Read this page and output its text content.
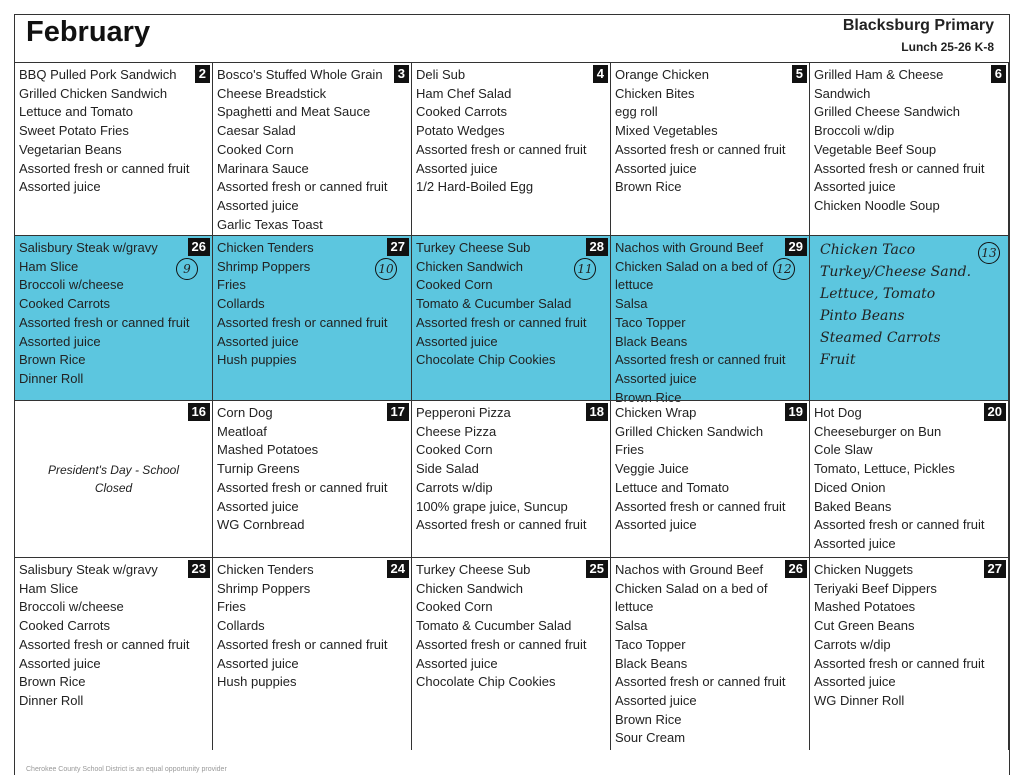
February	Blacksburg Primary
Lunch 25-26 K-8
2
BBQ Pulled Pork Sandwich
Grilled Chicken Sandwich
Lettuce and Tomato
Sweet Potato Fries
Vegetarian Beans
Assorted fresh or canned fruit
Assorted juice
3
Bosco's Stuffed Whole Grain Cheese Breadstick
Spaghetti and Meat Sauce
Caesar Salad
Cooked Corn
Marinara Sauce
Assorted fresh or canned fruit
Assorted juice
Garlic Texas Toast
4
Deli Sub
Ham Chef Salad
Cooked Carrots
Potato Wedges
Assorted fresh or canned fruit
Assorted juice
1/2 Hard-Boiled Egg
5
Orange Chicken
Chicken Bites
egg roll
Mixed Vegetables
Assorted fresh or canned fruit
Assorted juice
Brown Rice
6
Grilled Ham & Cheese Sandwich
Grilled Cheese Sandwich
Broccoli w/dip
Vegetable Beef Soup
Assorted fresh or canned fruit
Assorted juice
Chicken Noodle Soup
26
9
Salisbury Steak w/gravy
Ham Slice
Broccoli w/cheese
Cooked Carrots
Assorted fresh or canned fruit
Assorted juice
Brown Rice
Dinner Roll
27
10
Chicken Tenders
Shrimp Poppers
Fries
Collards
Assorted fresh or canned fruit
Assorted juice
Hush puppies
28
11
Turkey Cheese Sub
Chicken Sandwich
Cooked Corn
Tomato & Cucumber Salad
Assorted fresh or canned fruit
Assorted juice
Chocolate Chip Cookies
29
12
Nachos with Ground Beef
Chicken Salad on a bed of lettuce
Salsa
Taco Topper
Black Beans
Assorted fresh or canned fruit
Assorted juice
Brown Rice
13
Chicken Taco
Turkey/Cheese Sand.
Lettuce, Tomato
Pinto Beans
Steamed Carrots
Fruit
16
President's Day - School
Closed
17
Corn Dog
Meatloaf
Mashed Potatoes
Turnip Greens
Assorted fresh or canned fruit
Assorted juice
WG Cornbread
18
Pepperoni Pizza
Cheese Pizza
Cooked Corn
Side Salad
Carrots w/dip
100% grape juice, Suncup
Assorted fresh or canned fruit
19
Chicken Wrap
Grilled Chicken Sandwich
Fries
Veggie Juice
Lettuce and Tomato
Assorted fresh or canned fruit
Assorted juice
20
Hot Dog
Cheeseburger on Bun
Cole Slaw
Tomato, Lettuce, Pickles
Diced Onion
Baked Beans
Assorted fresh or canned fruit
Assorted juice
23
Salisbury Steak w/gravy
Ham Slice
Broccoli w/cheese
Cooked Carrots
Assorted fresh or canned fruit
Assorted juice
Brown Rice
Dinner Roll
24
Chicken Tenders
Shrimp Poppers
Fries
Collards
Assorted fresh or canned fruit
Assorted juice
Hush puppies
25
Turkey Cheese Sub
Chicken Sandwich
Cooked Corn
Tomato & Cucumber Salad
Assorted fresh or canned fruit
Assorted juice
Chocolate Chip Cookies
26
Nachos with Ground Beef
Chicken Salad on a bed of lettuce
Salsa
Taco Topper
Black Beans
Assorted fresh or canned fruit
Assorted juice
Brown Rice
Sour Cream
27
Chicken Nuggets
Teriyaki Beef Dippers
Mashed Potatoes
Cut Green Beans
Carrots w/dip
Assorted fresh or canned fruit
Assorted juice
WG Dinner Roll
Cherokee County School District is an equal opportunity provider
